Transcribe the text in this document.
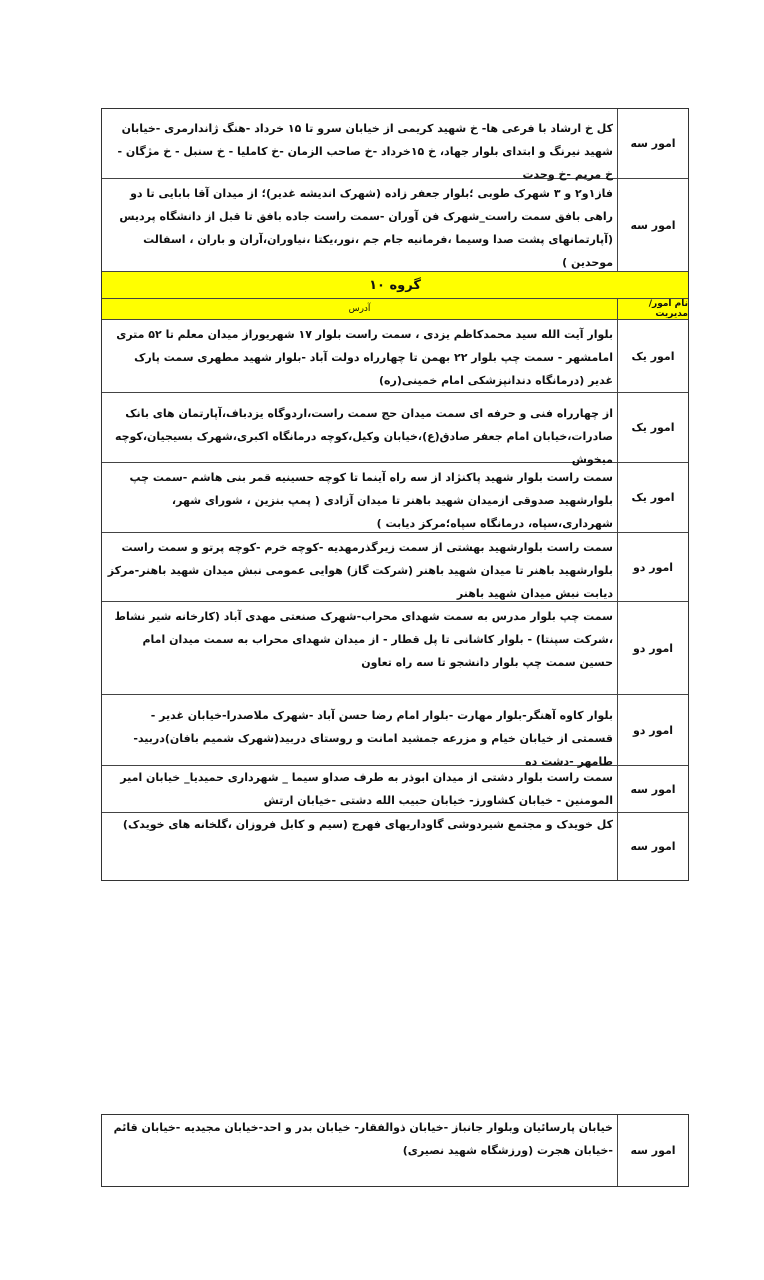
امور سه
کل خ ارشاد با فرعی ها- خ شهید کریمی از خیابان سرو تا ۱۵ خرداد -هنگ ژاندارمری -خیابان شهید نیرنگ و ابتدای بلوار جهاد، خ ۱۵خرداد -خ صاحب الزمان -خ کاملیا - خ سنبل - خ مژگان - خ مریم -خ وحدت
امور سه
فاز۱و۲ و ۳ شهرک طوبی ؛بلوار جعفر زاده (شهرک اندیشه غدیر)؛ از میدان آقا بابایی تا دو راهی بافق سمت راست_شهرک فن آوران -سمت راست جاده بافق تا قبل از دانشگاه پردیس (آپارتمانهای پشت صدا وسیما ،فرمانیه جام جم ،نور،یکتا ،نیاوران،آران و باران ، اسفالت موحدین )
گروه ۱۰
نام امور/مدیریت
آدرس
امور یک
بلوار آیت الله سید محمدکاظم یزدی ، سمت راست بلوار ۱۷ شهریوراز میدان معلم تا ۵۲ متری امامشهر - سمت چپ بلوار ۲۲ بهمن تا چهارراه دولت آباد -بلوار شهید مطهری سمت پارک غدیر (درمانگاه دندانپزشکی امام خمینی(ره)
امور یک
از چهارراه فنی و حرفه ای سمت میدان حج سمت راست،اردوگاه یزدباف،آپارتمان های بانک صادرات،خیابان امام جعفر صادق(ع)،خیابان وکیل،کوچه درمانگاه اکبری،شهرک بسیجیان،کوچه میخوش
امور یک
سمت راست بلوار شهید پاکنژاد از سه راه آینما تا کوچه حسینیه قمر بنی هاشم -سمت چپ بلوارشهید صدوقی ازمیدان شهید باهنر تا میدان آزادی ( پمپ بنزین ، شورای شهر، شهرداری،سپاه، درمانگاه سپاه؛مرکز دیابت )
امور دو
سمت راست بلوارشهید بهشتی از سمت زیرگذرمهدیه -کوچه خرم -کوچه پرتو و سمت راست بلوارشهید باهنر تا میدان شهید باهنر (شرکت گاز) هوایی عمومی نبش میدان شهید باهنر-مرکز دیابت نبش میدان شهید باهنر
امور دو
سمت چپ بلوار مدرس به سمت شهدای محراب-شهرک صنعتی مهدی آباد (کارخانه شیر نشاط ،شرکت سپنتا) - بلوار کاشانی تا پل قطار - از میدان شهدای محراب به سمت میدان امام حسین سمت چپ بلوار دانشجو تا سه راه تعاون
امور دو
بلوار کاوه آهنگر-بلوار مهارت -بلوار امام رضا حسن آباد -شهرک ملاصدرا-خیابان غدیر - قسمتی از خیابان خیام و مزرعه جمشید امانت و روستای دربید(شهرک شمیم بافان)دربید-طامهر -دشت ده
امور سه
سمت راست بلوار دشتی از میدان ابوذر به طرف صداو سیما _ شهرداری حمیدیا_ خیابان امیر المومنین - خیابان کشاورز- خیابان حبیب الله دشتی -خیابان ارتش
امور سه
کل خویدک و مجتمع شیردوشی گاوداریهای فهرج (سیم و کابل فروزان ،گلخانه های خویدک)
امور سه
خیابان پارسائیان وبلوار جانباز -خیابان ذوالفقار- خیابان بدر و احد-خیابان مجیدیه -خیابان قائم -خیابان هجرت (ورزشگاه شهید نصیری)
